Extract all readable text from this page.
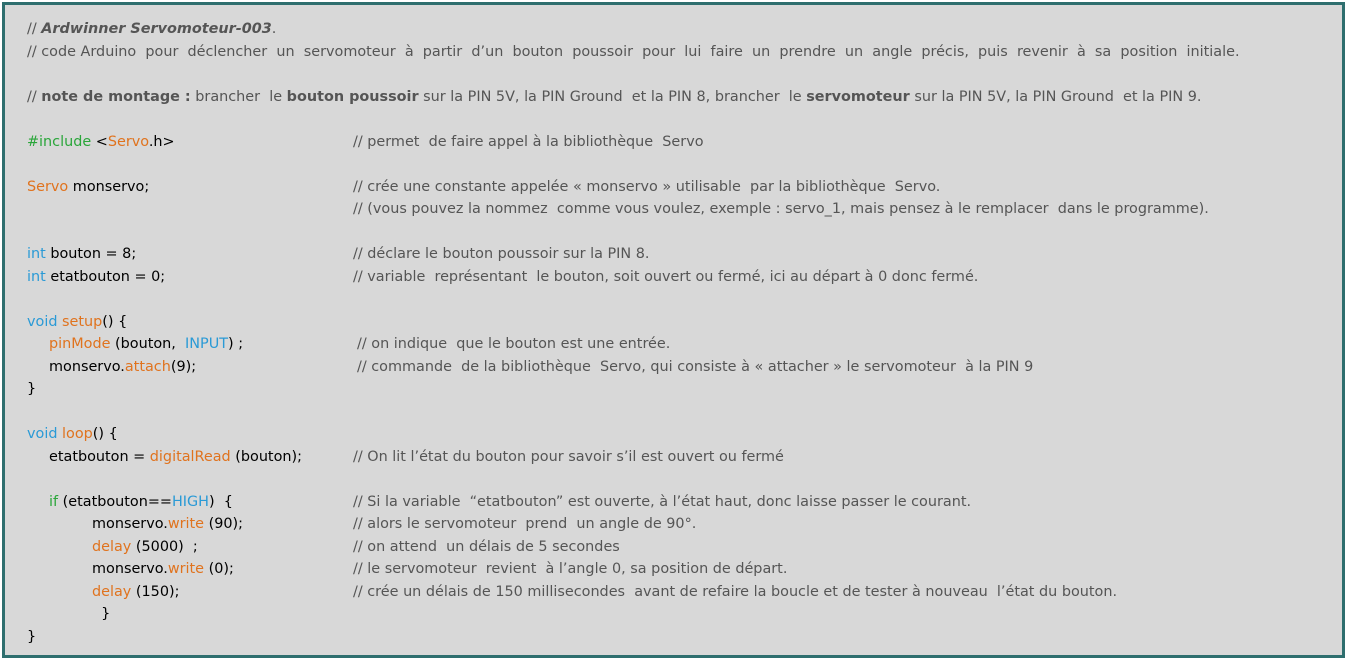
// Ardwinner Servomoteur-003.
// code Arduino  pour  déclencher  un  servomoteur  à  partir  d’un  bouton  poussoir  pour  lui  faire  un  prendre  un  angle  précis,  puis  revenir  à  sa  position  initiale.
// note de montage : brancher  le bouton poussoir sur la PIN 5V, la PIN Ground  et la PIN 8, brancher  le servomoteur sur la PIN 5V, la PIN Ground  et la PIN 9.
#include <Servo.h>	// permet  de faire appel à la bibliothèque  Servo
Servo monservo;	// crée une constante appelée « monservo » utilisable  par la bibliothèque  Servo.
// (vous pouvez la nommez  comme vous voulez, exemple : servo_1, mais pensez à le remplacer  dans le programme).
int bouton = 8;	// déclare le bouton poussoir sur la PIN 8.
int etatbouton = 0;	// variable  représentant  le bouton, soit ouvert ou fermé, ici au départ à 0 donc fermé.
void setup() {
pinMode (bouton,  INPUT) ;	// on indique  que le bouton est une entrée.
monservo.attach(9);	// commande  de la bibliothèque  Servo, qui consiste à « attacher » le servomoteur  à la PIN 9
}
void loop() {
etatbouton = digitalRead (bouton);	// On lit l’état du bouton pour savoir s’il est ouvert ou fermé
if (etatbouton==HIGH)  {	// Si la variable  “etatbouton” est ouverte, à l’état haut, donc laisse passer le courant.
monservo.write (90);	// alors le servomoteur  prend  un angle de 90°.
delay (5000)  ;	// on attend  un délais de 5 secondes
monservo.write (0);	// le servomoteur  revient  à l’angle 0, sa position de départ.
delay (150);	// crée un délais de 150 millisecondes  avant de refaire la boucle et de tester à nouveau  l’état du bouton.
}
}
